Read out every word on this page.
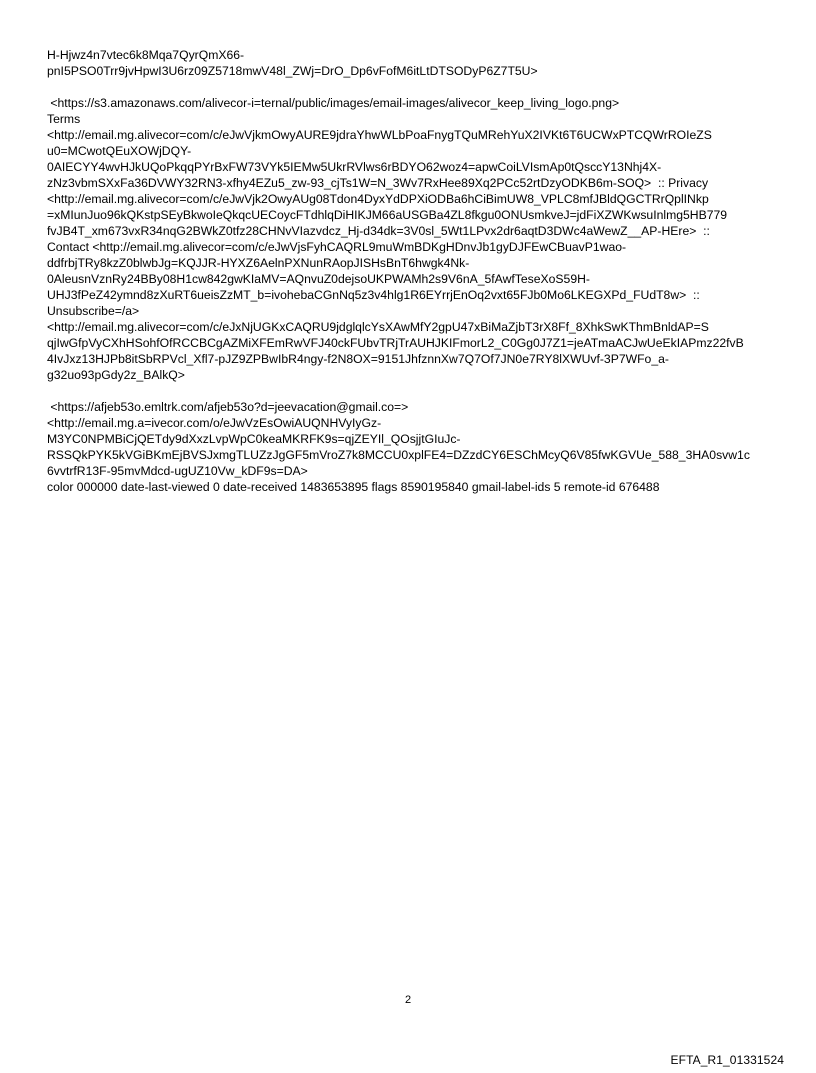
H-Hjwz4n7vtec6k8Mqa7QyrQmX66-
pnI5PSO0Trr9jvHpwI3U6rz09Z5718mwV48l_ZWj=DrO_Dp6vFofM6itLtDTSODyP6Z7T5U>
<https://s3.amazonaws.com/alivecor-i=ternal/public/images/email-images/alivecor_keep_living_logo.png>
Terms
<http://email.mg.alivecor=com/c/eJwVjkmOwyAURE9jdraYhwWLbPoaFnygTQuMRehYuX2IVKt6T6UCWxPTCQWrROIeZS
u0=MCwotQEuXOWjDQY-
0AIECYY4wvHJkUQoPkqqPYrBxFW73VYk5IEMw5UkrRVlws6rBDYO62woz4=apwCoiLVIsmAp0tQsccY13Nhj4X-
zNz3vbmSXxFa36DVWY32RN3-xfhy4EZu5_zw-93_cjTs1W=N_3Wv7RxHee89Xq2PCc52rtDzyODKB6m-SOQ>  :: Privacy
<http://email.mg.alivecor=com/c/eJwVjk2OwyAUg08Tdon4DyxYdDPXiODBa6hCiBimUW8_VPLC8mfJBldQGCTRrQplINkp
=xMIunJuo96kQKstpSEyBkwoIeQkqcUECoycFTdhlqDiHIKJM66aUSGBa4ZL8fkgu0ONUsmkveJ=jdFiXZWKwsuInlmg5HB779
fvJB4T_xm673vxR34nqG2BWkZ0tfz28CHNvVIazvdcz_Hj-d34dk=3V0sl_5Wt1LPvx2dr6aqtD3DWc4aWewZ__AP-HEre>  ::
Contact <http://email.mg.alivecor=com/c/eJwVjsFyhCAQRL9muWmBDKgHDnvJb1gyDJFEwCBuavP1wao-
ddfrbjTRy8kzZ0blwbJg=KQJJR-HYXZ6AelnPXNunRAopJISHsBnT6hwgk4Nk-
0AleusnVznRy24BBy08H1cw842gwKIaMV=AQnvuZ0dejsoUKPWAMh2s9V6nA_5fAwfTeseXoS59H-
UHJ3fPeZ42ymnd8zXuRT6ueisZzMT_b=ivohebaCGnNq5z3v4hlg1R6EYrrjEnOq2vxt65FJb0Mo6LKEGXPd_FUdT8w>  ::
Unsubscribe=/a>
<http://email.mg.alivecor=com/c/eJxNjUGKxCAQRU9jdglqlcYsXAwMfY2gpU47xBiMaZjbT3rX8Ff_8XhkSwKThmBnldAP=S
qjIwGfpVyCXhHSohfOfRCCBCgAZMiXFEmRwVFJ40ckFUbvTRjTrAUHJKIFmorL2_C0Gg0J7Z1=jeATmaACJwUeEkIAPmz22fvB
4IvJxz13HJPb8itSbRPVcl_Xfl7-pJZ9ZPBwIbR4ngy-f2N8OX=9151JhfznnXw7Q7Of7JN0e7RY8lXWUvf-3P7WFo_a-
g32uo93pGdy2z_BAlkQ>
<https://afjeb53o.emltrk.com/afjeb53o?d=jeevacation@gmail.co=>
<http://email.mg.a=ivecor.com/o/eJwVzEsOwiAUQNHVyIyGz-
M3YC0NPMBiCjQETdy9dXxzLvpWpC0keaMKRFK9s=qjZEYIl_QOsjjtGIuJc-
RSSQkPYK5kVGiBKmEjBVSJxmgTLUZzJgGF5mVroZ7k8MCCU0xplFE4=DZzdCY6ESChMcyQ6V85fwKGVUe_588_3HA0svw1c
6vvtrfR13F-95mvMdcd-ugUZ10Vw_kDF9s=DA>
color 000000 date-last-viewed 0 date-received 1483653895 flags 8590195840 gmail-label-ids 5 remote-id 676488
2
EFTA_R1_01331524
